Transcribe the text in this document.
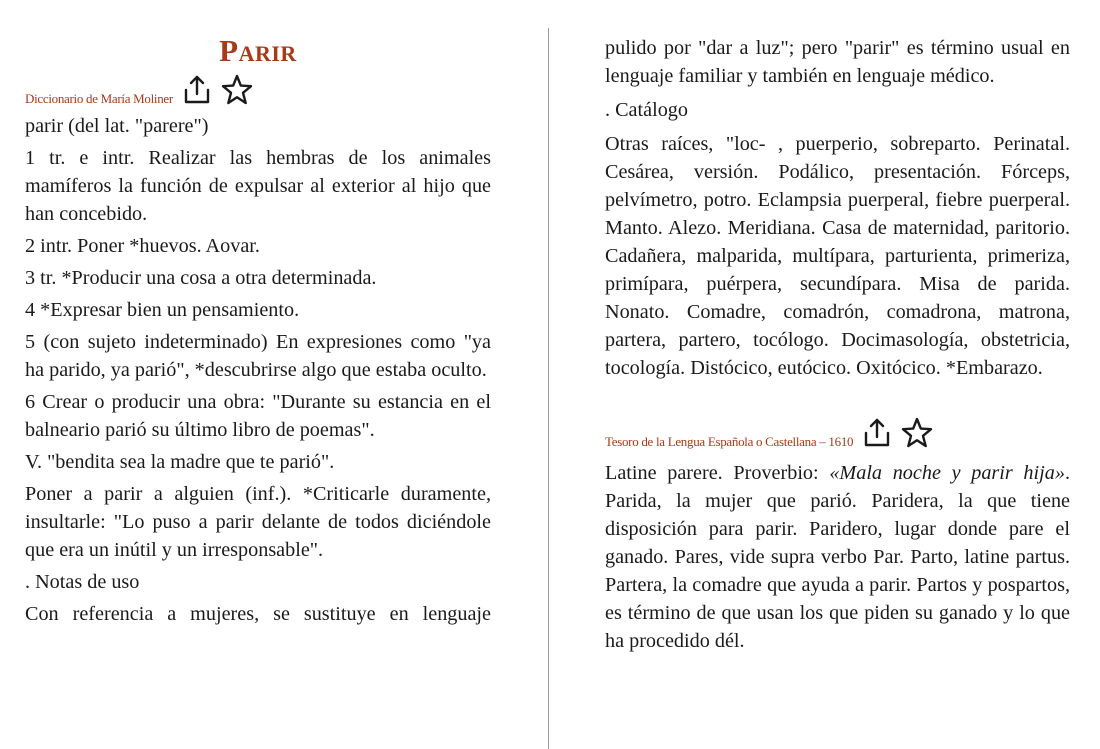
Parir
Diccionario de María Moliner

parir (del lat. "parere")

1 tr. e intr. Realizar las hembras de los animales mamíferos la función de expulsar al exterior al hijo que han concebido.

2 intr. Poner *huevos. Aovar.

3 tr. *Producir una cosa a otra determinada.

4 *Expresar bien un pensamiento.

5 (con sujeto indeterminado) En expresiones como "ya ha parido, ya parió", *descubrirse algo que estaba oculto.

6 Crear o producir una obra: "Durante su estancia en el balneario parió su último libro de poemas".

V. "bendita sea la madre que te parió".

Poner a parir a alguien (inf.). *Criticarle duramente, insultarle: "Lo puso a parir delante de todos diciéndole que era un inútil y un irresponsable".

. Notas de uso

Con referencia a mujeres, se sustituye en lenguaje

pulido por "dar a luz"; pero "parir" es término usual en lenguaje familiar y también en lenguaje médico.

. Catálogo

Otras raíces, "loc- , puerperio, sobreparto. Perinatal. Cesárea, versión. Podálico, presentación. Fórceps, pelvímetro, potro. Eclampsia puerperal, fiebre puerperal. Manto. Alezo. Meridiana. Casa de maternidad, paritorio. Cadañera, malparida, multípara, parturienta, primeriza, primípara, puérpera, secundípara. Misa de parida. Nonato. Comadre, comadrón, comadrona, matrona, partera, partero, tocólogo. Docimasología, obstetricia, tocología. Distócico, eutócico. Oxitócico. *Embarazo.

Tesoro de la Lengua Española o Castellana – 1610

Latine parere. Proverbio: «Mala noche y parir hija». Parida, la mujer que parió. Paridera, la que tiene disposición para parir. Paridero, lugar donde pare el ganado. Pares, vide supra verbo Par. Parto, latine partus. Partera, la comadre que ayuda a parir. Partos y pospartos, es término de que usan los que piden su ganado y lo que ha procedido dél.
